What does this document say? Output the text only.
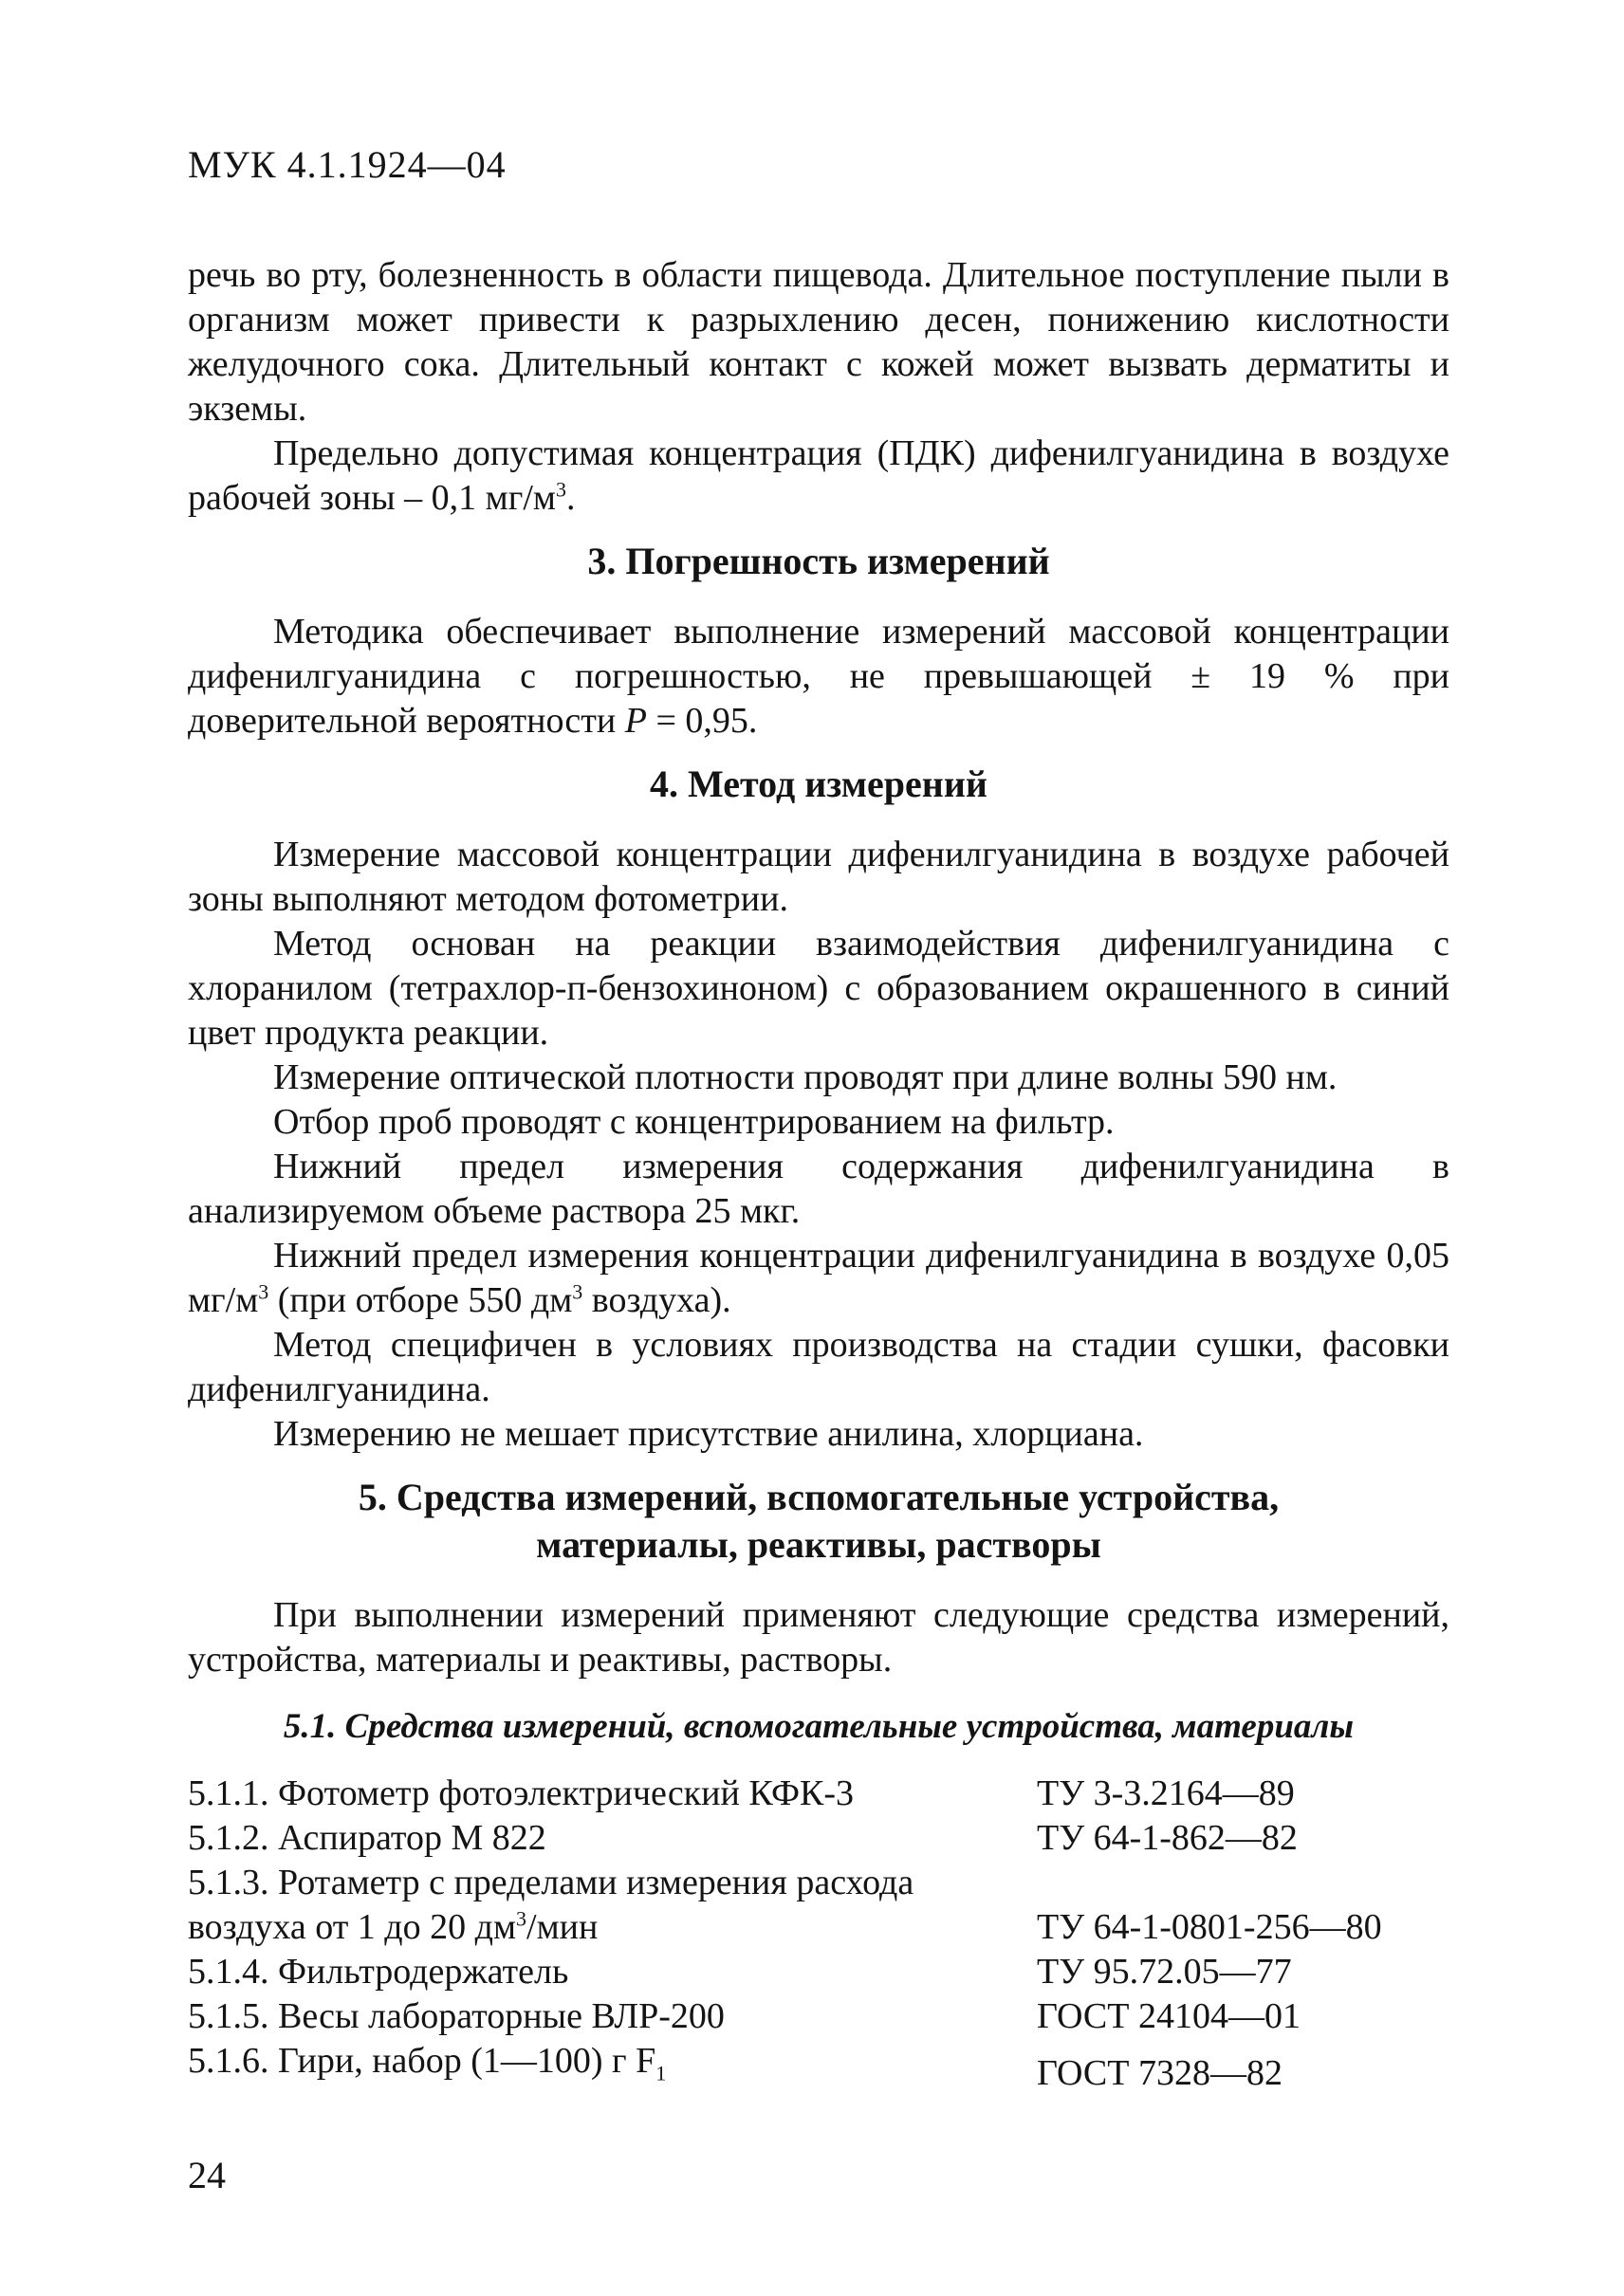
МУК 4.1.1924—04

речь во рту, болезненность в области пищевода. Длительное поступление пыли в организм может привести к разрыхлению десен, понижению кислотности желудочного сока. Длительный контакт с кожей может вызвать дерматиты и экземы.

Предельно допустимая концентрация (ПДК) дифенилгуанидина в воздухе рабочей зоны – 0,1 $мг/м^3$.

3. Погрешность измерений

Методика обеспечивает выполнение измерений массовой концентрации дифенилгуанидина с погрешностью, не превышающей ± 19 % при доверительной вероятности P = 0,95.

4. Метод измерений

Измерение массовой концентрации дифенилгуанидина в воздухе рабочей зоны выполняют методом фотометрии.

Метод основан на реакции взаимодействия дифенилгуанидина с хлоранилом (тетрахлор-п-бензохиноном) с образованием окрашенного в синий цвет продукта реакции.

Измерение оптической плотности проводят при длине волны 590 нм.

Отбор проб проводят с концентрированием на фильтр.

Нижний предел измерения содержания дифенилгуанидина в анализируемом объеме раствора 25 мкг.

Нижний предел измерения концентрации дифенилгуанидина в воздухе 0,05 $мг/м^3$ (при отборе 550 $дм^3$ воздуха).

Метод специфичен в условиях производства на стадии сушки, фасовки дифенилгуанидина.

Измерению не мешает присутствие анилина, хлорциана.

5. Средства измерений, вспомогательные устройства,
материалы, реактивы, растворы

При выполнении измерений применяют следующие средства измерений, устройства, материалы и реактивы, растворы.

5.1. Средства измерений, вспомогательные устройства, материалы
5.1.1. Фотометр фотоэлектрический КФК-3	ТУ 3-3.2164—89
5.1.2. Аспиратор М 822	ТУ 64-1-862—82
5.1.3. Ротаметр с пределами измерения расхода
воздуха от 1 до 20 $дм^3$/мин	ТУ 64-1-0801-256—80
5.1.4. Фильтродержатель	ТУ 95.72.05—77
5.1.5. Весы лабораторные ВЛР-200	ГОСТ 24104—01
5.1.6. Гири, набор (1—100) г $F_1$	ГОСТ 7328—82
24
